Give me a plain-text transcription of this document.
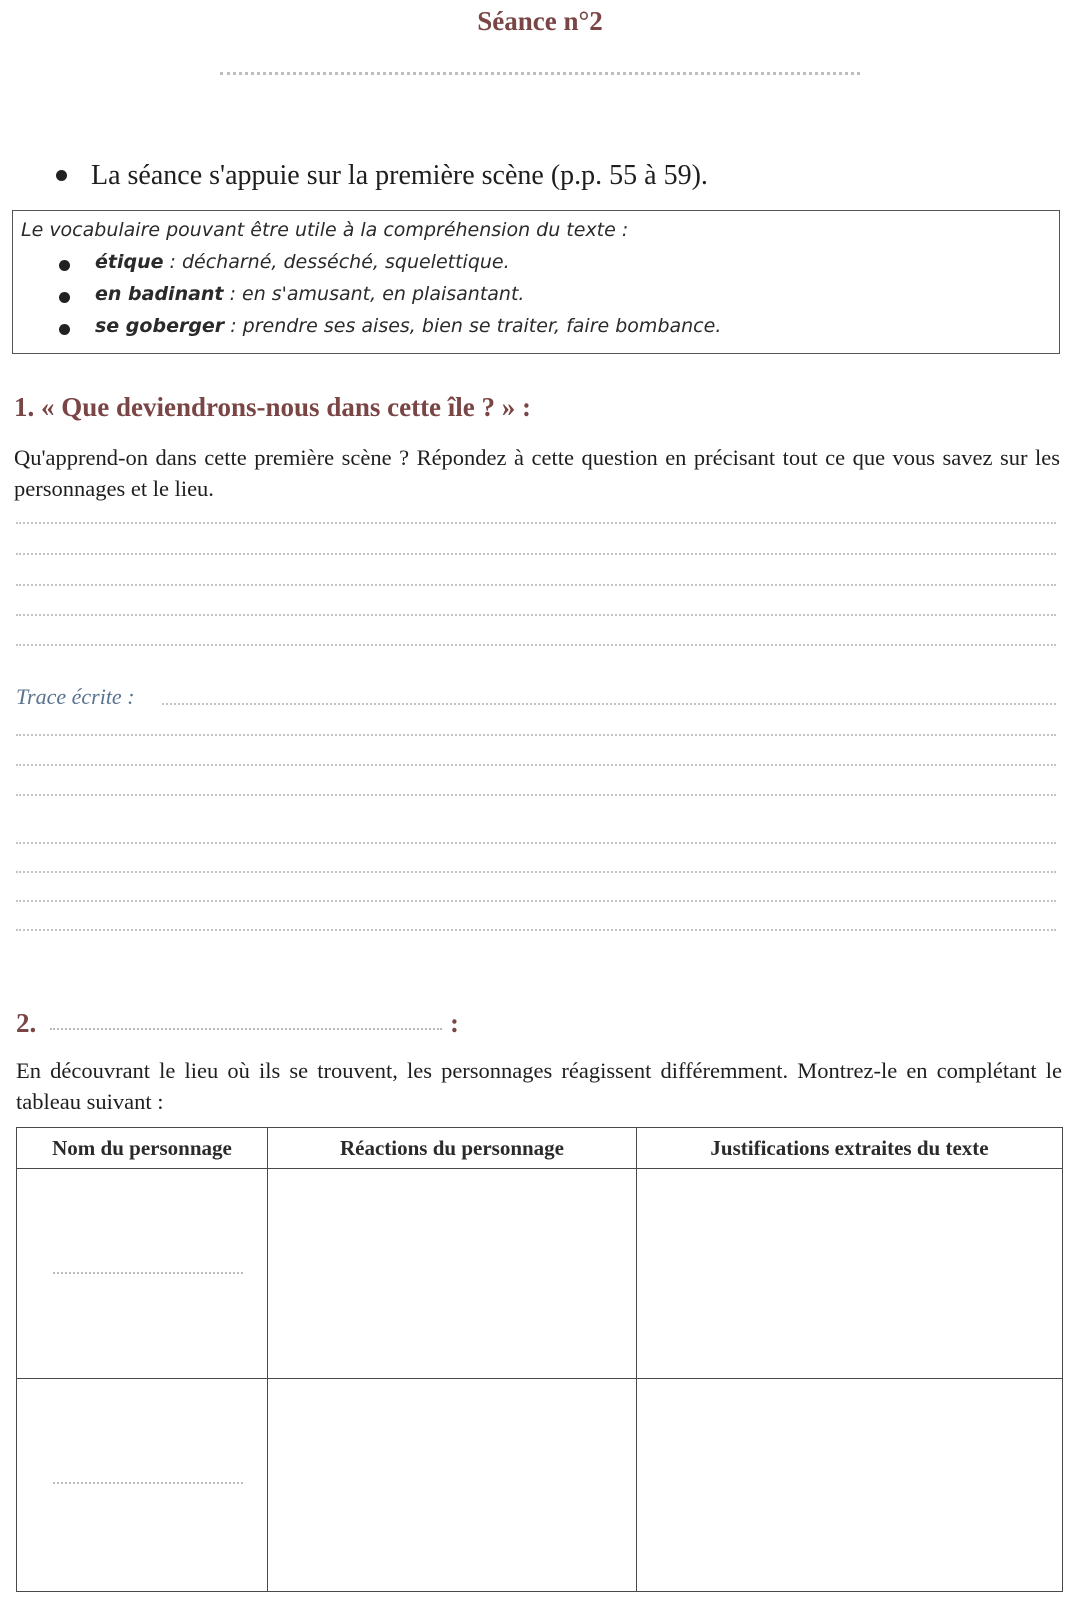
Séance n°2
La séance s'appuie sur la première scène (p.p. 55 à 59).
Le vocabulaire pouvant être utile à la compréhension du texte :
étique : décharné, desséché, squelettique.
en badinant : en s'amusant, en plaisantant.
se goberger : prendre ses aises, bien se traiter, faire bombance.
1. « Que deviendrons-nous dans cette île ? » :
Qu'apprend-on dans cette première scène ? Répondez à cette question en précisant tout ce que vous savez sur les personnages et le lieu.
Trace écrite :
2.	:
En découvrant le lieu où ils se trouvent, les personnages réagissent différemment. Montrez-le en complétant le tableau suivant :
Nom du personnage	Réactions du personnage	Justifications extraites du texte
